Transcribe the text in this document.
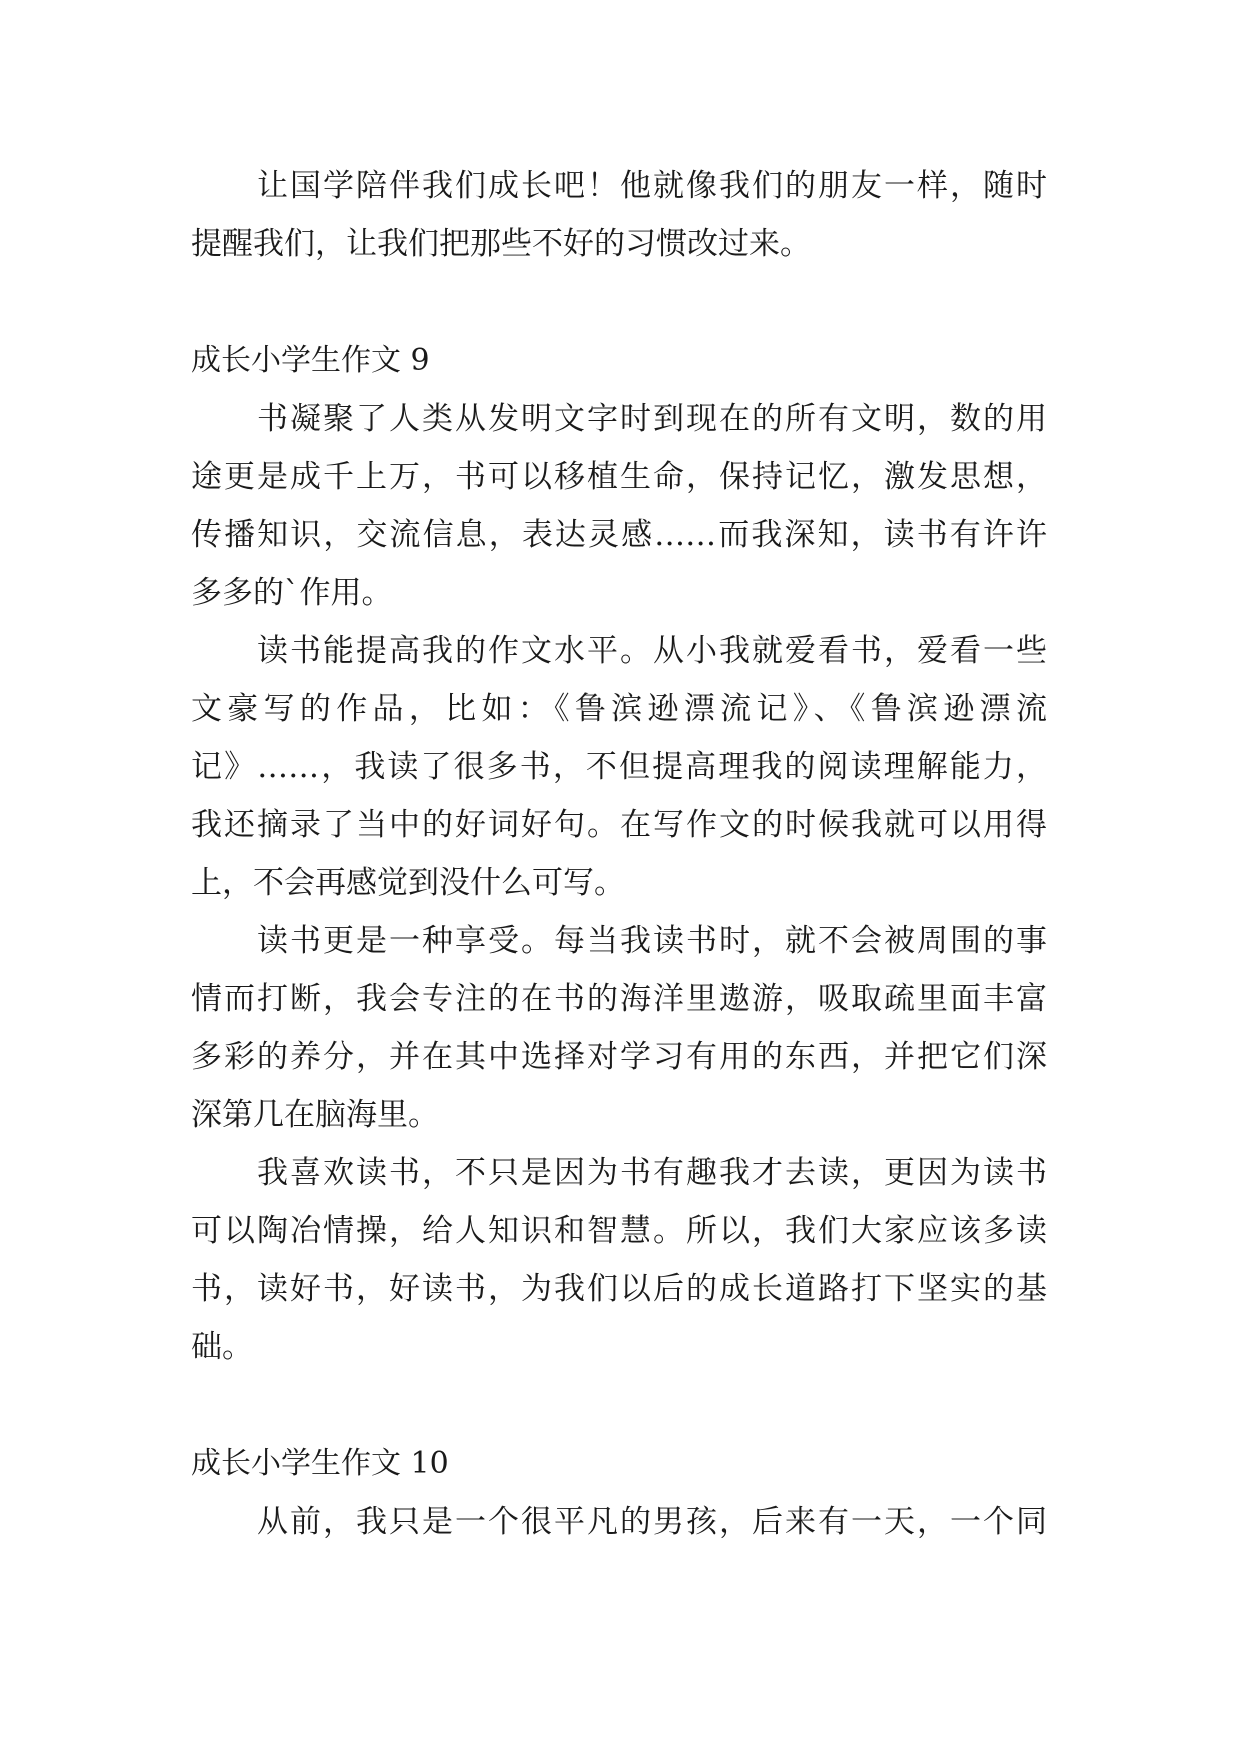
让国学陪伴我们成长吧！他就像我们的朋友一样，随时
提醒我们，让我们把那些不好的习惯改过来。
成长小学生作文 9
书凝聚了人类从发明文字时到现在的所有文明，数的用
途更是成千上万，书可以移植生命，保持记忆，激发思想，
传播知识，交流信息，表达灵感……而我深知，读书有许许
多多的`作用。
读书能提高我的作文水平。从小我就爱看书，爱看一些
文豪写的作品，比如：《鲁滨逊漂流记》、《鲁滨逊漂流
记》……，我读了很多书，不但提高理我的阅读理解能力，
我还摘录了当中的好词好句。在写作文的时候我就可以用得
上，不会再感觉到没什么可写。
读书更是一种享受。每当我读书时，就不会被周围的事
情而打断，我会专注的在书的海洋里遨游，吸取疏里面丰富
多彩的养分，并在其中选择对学习有用的东西，并把它们深
深第几在脑海里。
我喜欢读书，不只是因为书有趣我才去读，更因为读书
可以陶冶情操，给人知识和智慧。所以，我们大家应该多读
书，读好书，好读书，为我们以后的成长道路打下坚实的基
础。
成长小学生作文 10
从前，我只是一个很平凡的男孩，后来有一天，一个同
